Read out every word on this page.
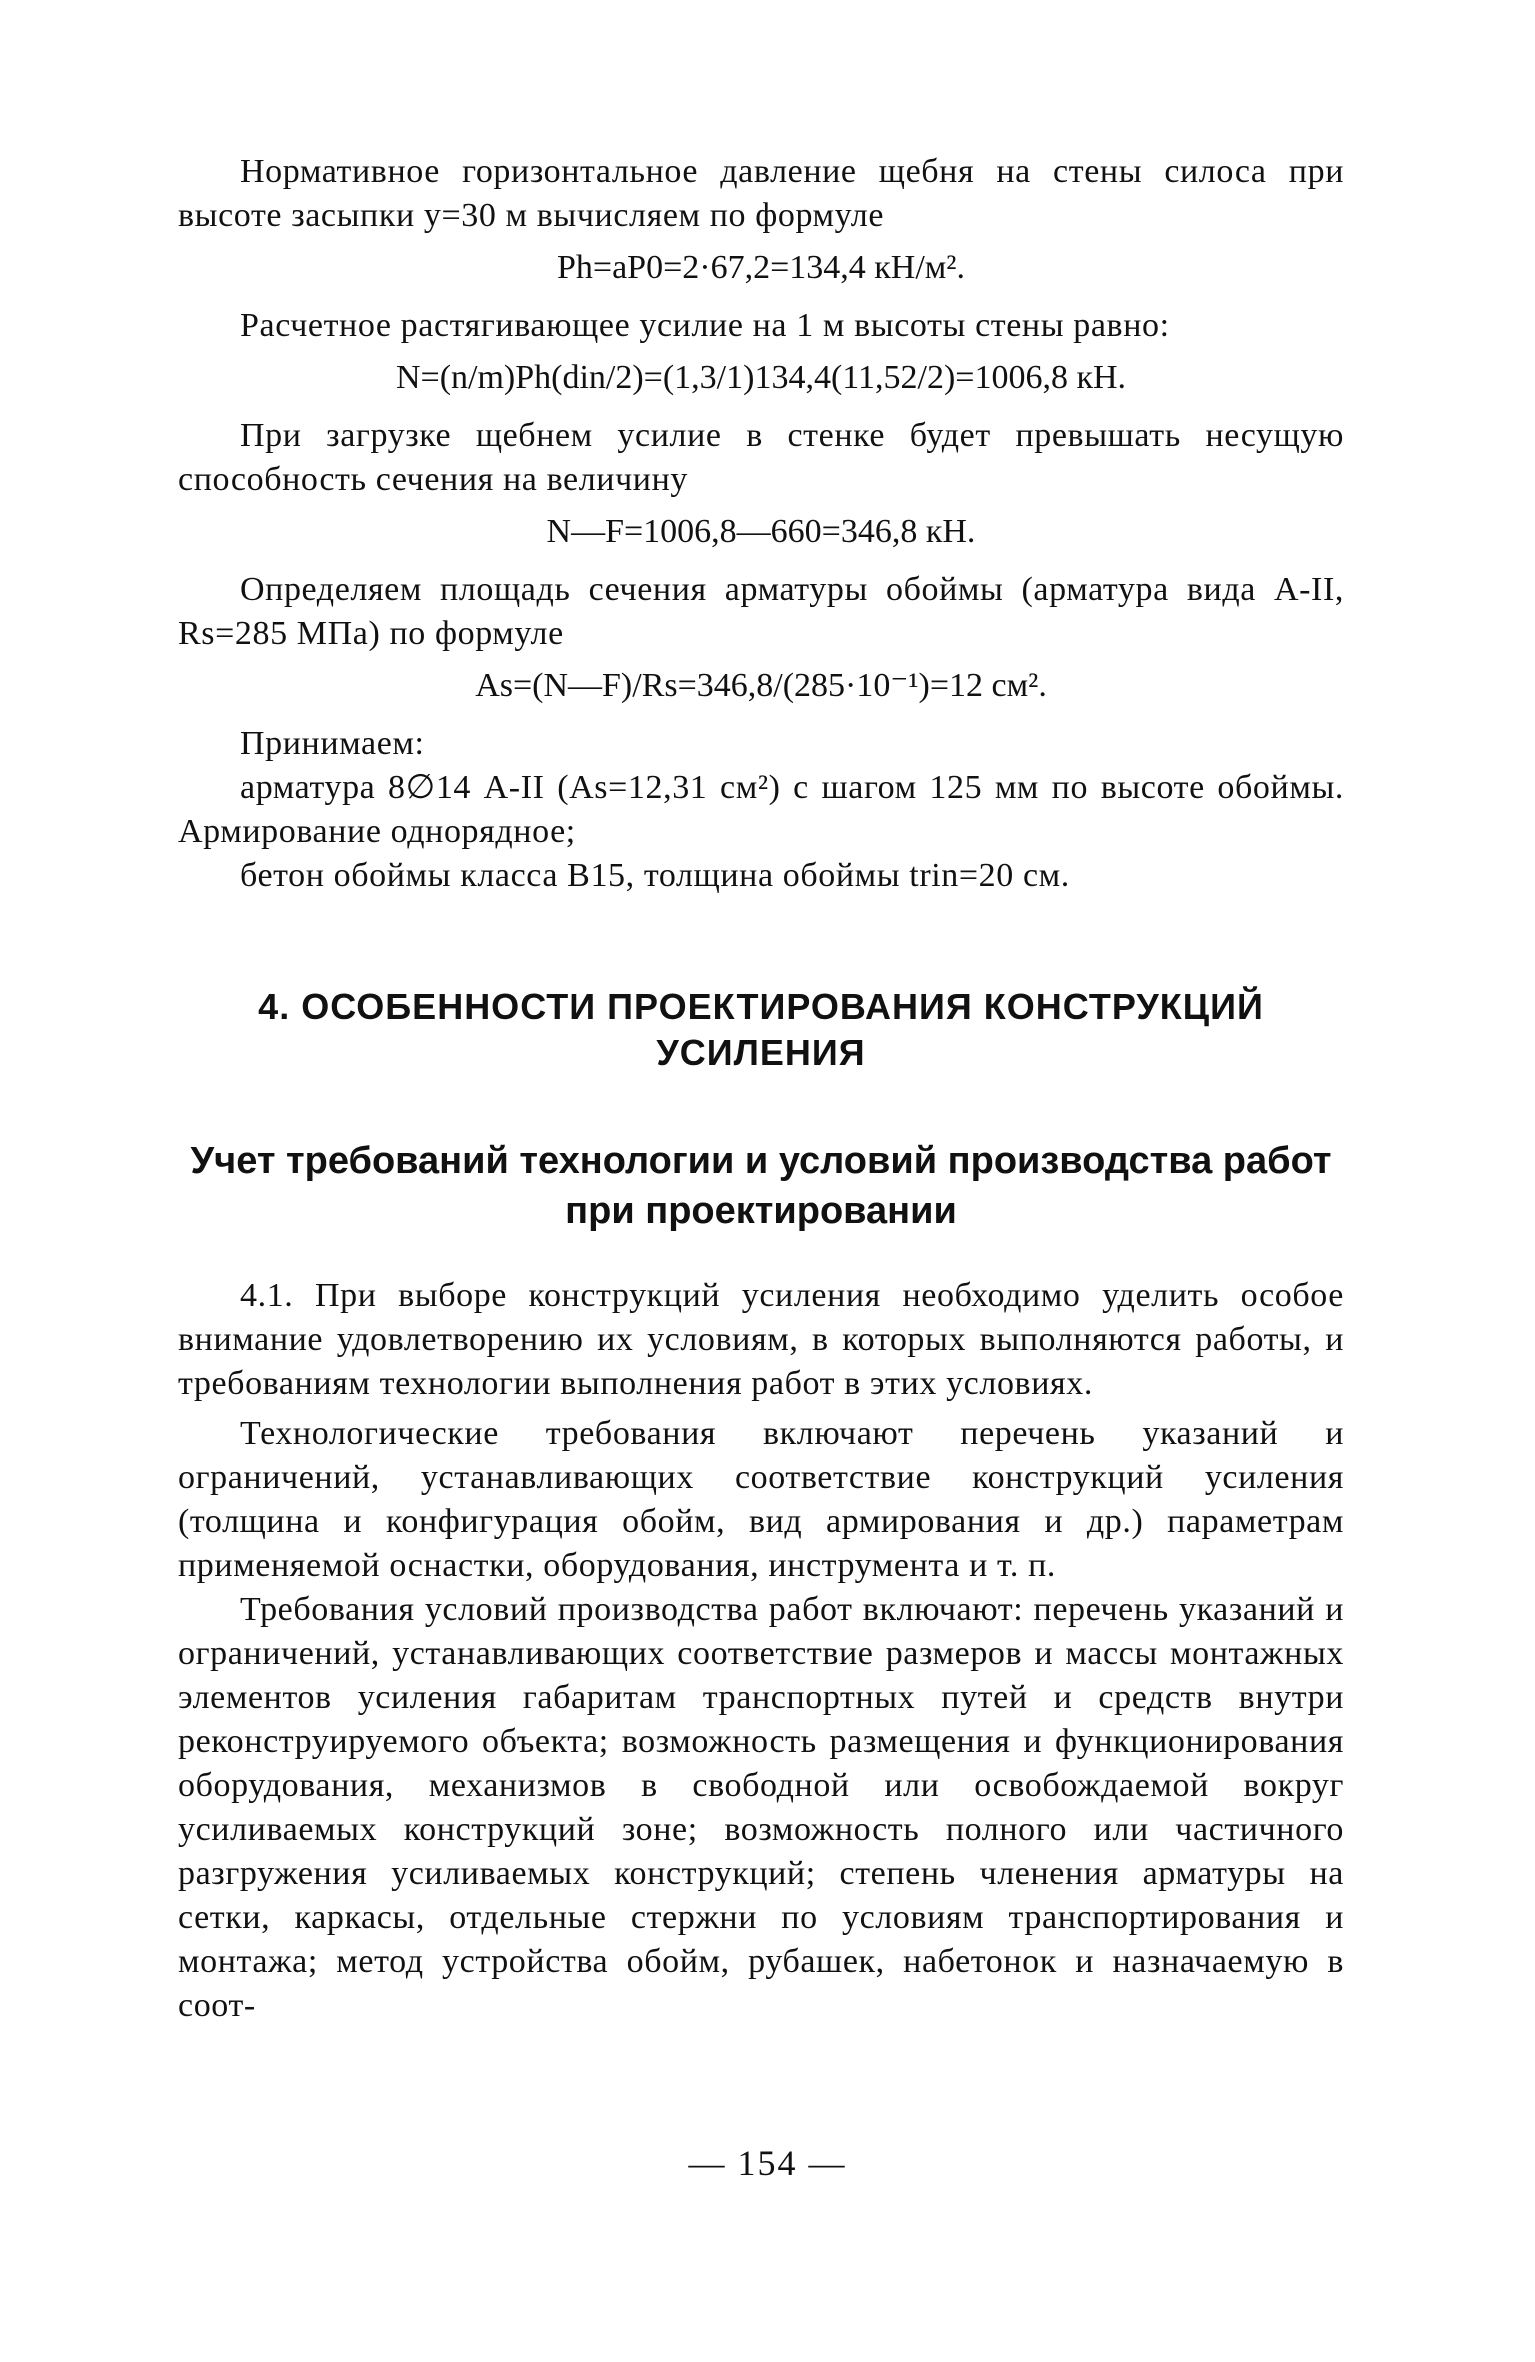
Нормативное горизонтальное давление щебня на стены силоса при высоте засыпки y=30 м вычисляем по формуле

Ph=aP0=2·67,2=134,4 кН/м².

Расчетное растягивающее усилие на 1 м высоты стены равно:

N=(n/m)Ph(din/2)=(1,3/1)134,4(11,52/2)=1006,8 кН.

При загрузке щебнем усилие в стенке будет превышать несущую способность сечения на величину

N—F=1006,8—660=346,8 кН.

Определяем площадь сечения арматуры обоймы (арматура вида A-II, Rs=285 МПа) по формуле

As=(N—F)/Rs=346,8/(285·10⁻¹)=12 см².

Принимаем:

арматура 8∅14 A-II (As=12,31 см²) с шагом 125 мм по высоте обоймы. Армирование однорядное;

бетон обоймы класса B15, толщина обоймы trin=20 см.

4. ОСОБЕННОСТИ ПРОЕКТИРОВАНИЯ КОНСТРУКЦИЙ УСИЛЕНИЯ
Учет требований технологии и условий производства работ при проектировании

4.1. При выборе конструкций усиления необходимо уделить особое внимание удовлетворению их условиям, в которых выполняются работы, и требованиям технологии выполнения работ в этих условиях.

Технологические требования включают перечень указаний и ограничений, устанавливающих соответствие конструкций усиления (толщина и конфигурация обойм, вид армирования и др.) параметрам применяемой оснастки, оборудования, инструмента и т. п.

Требования условий производства работ включают: перечень указаний и ограничений, устанавливающих соответствие размеров и массы монтажных элементов усиления габаритам транспортных путей и средств внутри реконструируемого объекта; возможность размещения и функционирования оборудования, механизмов в свободной или освобождаемой вокруг усиливаемых конструкций зоне; возможность полного или частичного разгружения усиливаемых конструкций; степень членения арматуры на сетки, каркасы, отдельные стержни по условиям транспортирования и монтажа; метод устройства обойм, рубашек, набетонок и назначаемую в соот-

— 154 —
